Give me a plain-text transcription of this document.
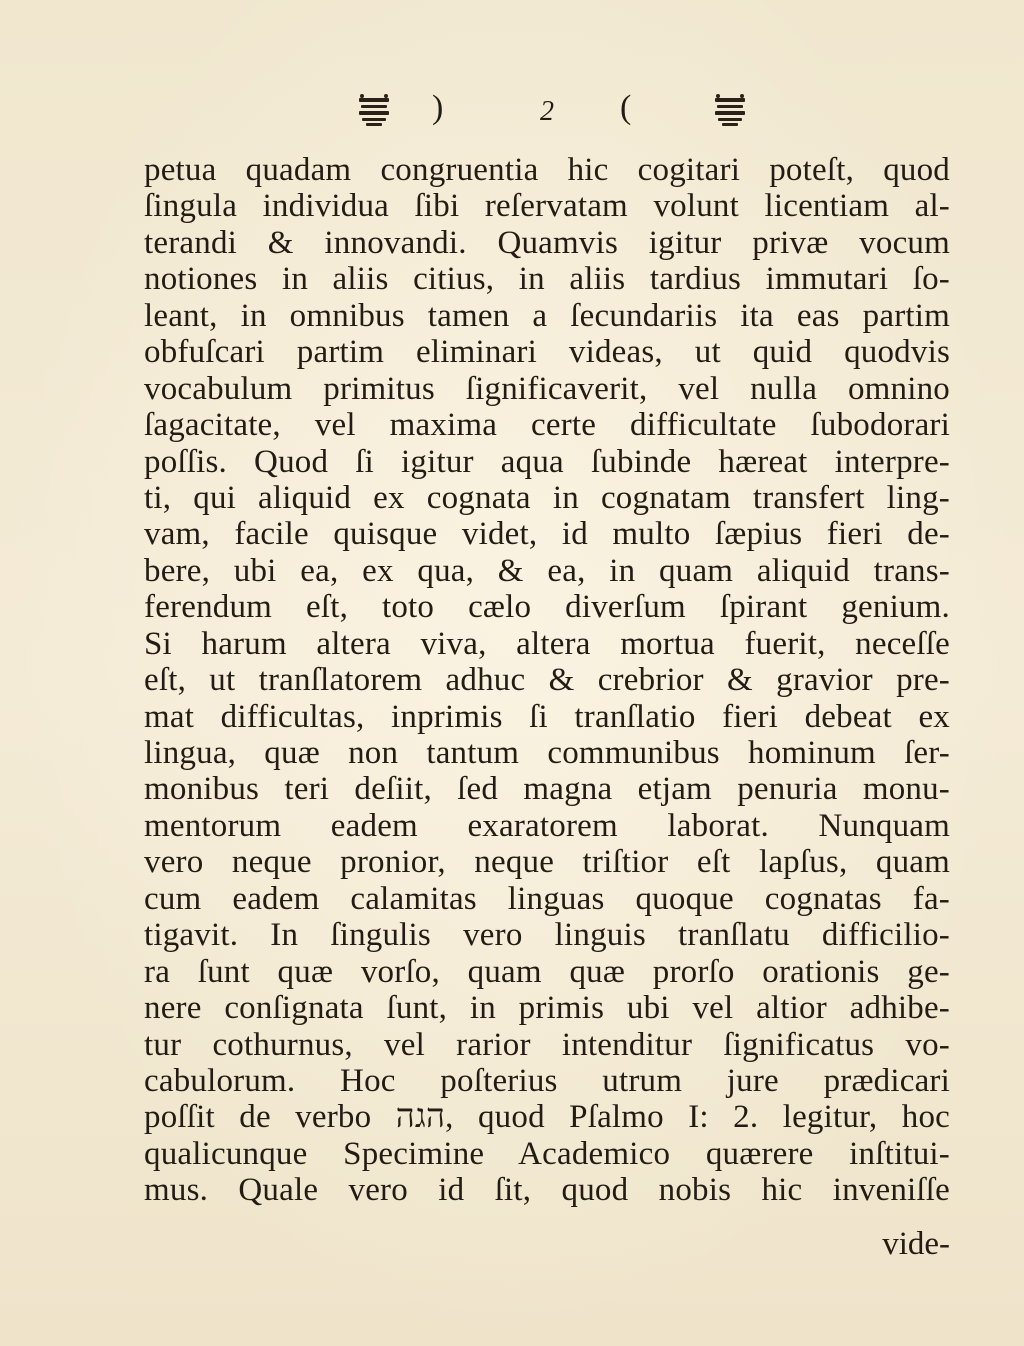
)	2 (
petua quadam congruentia hic cogitari poteſt, quod
ſingula individua ſibi reſervatam volunt licentiam al-
terandi & innovandi. Quamvis igitur privæ vocum
notiones in aliis citius, in aliis tardius immutari ſo-
leant, in omnibus tamen a ſecundariis ita eas partim
obfuſcari partim eliminari videas, ut quid quodvis
vocabulum primitus ſignificaverit, vel nulla omnino
ſagacitate, vel maxima certe difficultate ſubodorari
poſſis. Quod ſi igitur aqua ſubinde hæreat interpre-
ti, qui aliquid ex cognata in cognatam transfert ling-
vam, facile quisque videt, id multo ſæpius fieri de-
bere, ubi ea, ex qua, & ea, in quam aliquid trans-
ferendum eſt, toto cælo diverſum ſpirant genium.
Si harum altera viva, altera mortua fuerit, neceſſe
eſt, ut tranſlatorem adhuc & crebrior & gravior pre-
mat difficultas, inprimis ſi tranſlatio fieri debeat ex
lingua, quæ non tantum communibus hominum ſer-
monibus teri deſiit, ſed magna etjam penuria monu-
mentorum eadem exaratorem laborat. Nunquam
vero neque pronior, neque triſtior eſt lapſus, quam
cum eadem calamitas linguas quoque cognatas fa-
tigavit. In ſingulis vero linguis tranſlatu difficilio-
ra ſunt quæ vorſo, quam quæ prorſo orationis ge-
nere conſignata ſunt, in primis ubi vel altior adhibe-
tur cothurnus, vel rarior intenditur ſignificatus vo-
cabulorum. Hoc poſterius utrum jure prædicari
poſſit de verbo הגה, quod Pſalmo I: 2. legitur, hoc
qualicunque Specimine Academico quærere inſtitui-
mus. Quale vero id ſit, quod nobis hic inveniſſe
vide-
